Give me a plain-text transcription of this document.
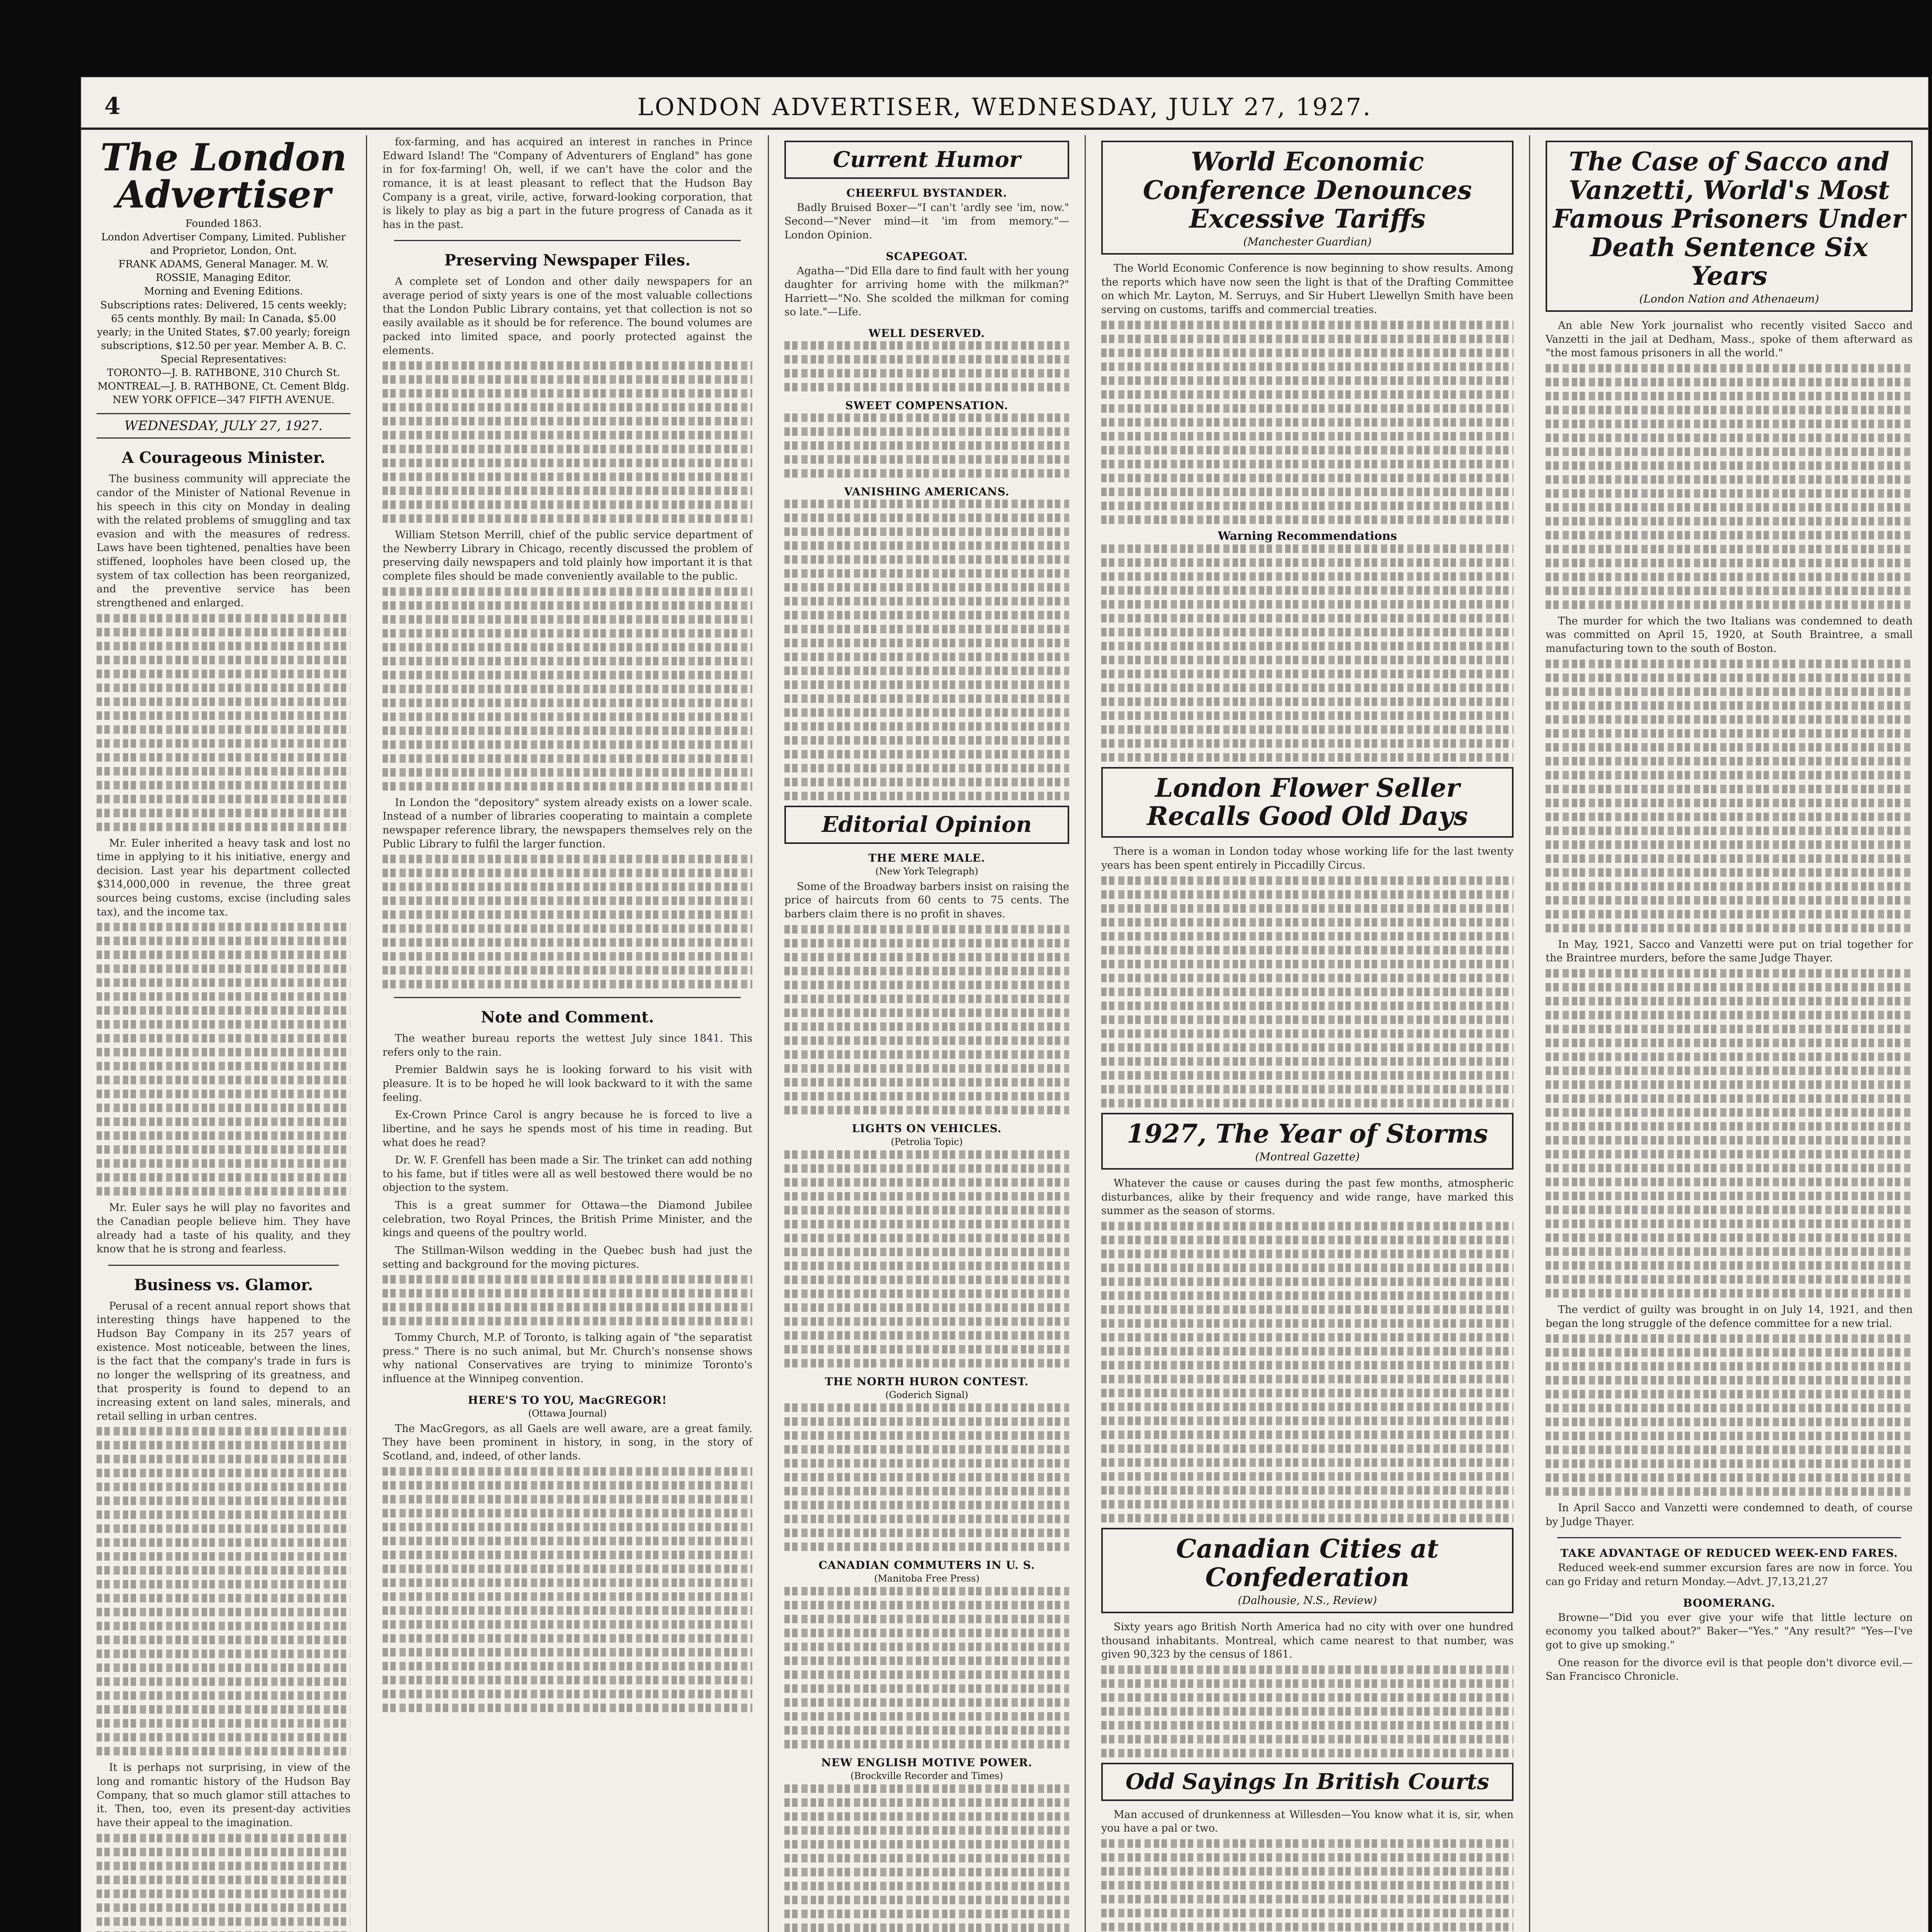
4	LONDON ADVERTISER, WEDNESDAY, JULY 27, 1927.
The London Advertiser
Founded 1863.
London Advertiser Company, Limited. Publisher and Proprietor, London, Ont.
FRANK ADAMS, General Manager. M. W. ROSSIE, Managing Editor.
Morning and Evening Editions.
Subscriptions rates: Delivered, 15 cents weekly; 65 cents monthly. By mail: In Canada, $5.00 yearly; in the United States, $7.00 yearly; foreign subscriptions, $12.50 per year. Member A. B. C.
Special Representatives:
TORONTO—J. B. RATHBONE, 310 Church St.
MONTREAL—J. B. RATHBONE, Ct. Cement Bldg.
NEW YORK OFFICE—347 FIFTH AVENUE.
WEDNESDAY, JULY 27, 1927.
A Courageous Minister.

The business community will appreciate the candor of the Minister of National Revenue in his speech in this city on Monday in dealing with the related problems of smuggling and tax evasion and with the measures of redress. Laws have been tightened, penalties have been stiffened, loopholes have been closed up, the system of tax collection has been reorganized, and the preventive service has been strengthened and enlarged.

Mr. Euler inherited a heavy task and lost no time in applying to it his initiative, energy and decision. Last year his department collected $314,000,000 in revenue, the three great sources being customs, excise (including sales tax), and the income tax.

Mr. Euler says he will play no favorites and the Canadian people believe him. They have already had a taste of his quality, and they know that he is strong and fearless.

Business vs. Glamor.

Perusal of a recent annual report shows that interesting things have happened to the Hudson Bay Company in its 257 years of existence. Most noticeable, between the lines, is the fact that the company's trade in furs is no longer the wellspring of its greatness, and that prosperity is found to depend to an increasing extent on land sales, minerals, and retail selling in urban centres.

It is perhaps not surprising, in view of the long and romantic history of the Hudson Bay Company, that so much glamor still attaches to it. Then, too, even its present-day activities have their appeal to the imagination.

fox-farming, and has acquired an interest in ranches in Prince Edward Island! The "Company of Adventurers of England" has gone in for fox-farming! Oh, well, if we can't have the color and the romance, it is at least pleasant to reflect that the Hudson Bay Company is a great, virile, active, forward-looking corporation, that is likely to play as big a part in the future progress of Canada as it has in the past.

Preserving Newspaper Files.

A complete set of London and other daily newspapers for an average period of sixty years is one of the most valuable collections that the London Public Library contains, yet that collection is not so easily available as it should be for reference. The bound volumes are packed into limited space, and poorly protected against the elements.

William Stetson Merrill, chief of the public service department of the Newberry Library in Chicago, recently discussed the problem of preserving daily newspapers and told plainly how important it is that complete files should be made conveniently available to the public.

In London the "depository" system already exists on a lower scale. Instead of a number of libraries cooperating to maintain a complete newspaper reference library, the newspapers themselves rely on the Public Library to fulfil the larger function.

Note and Comment.

The weather bureau reports the wettest July since 1841. This refers only to the rain.

Premier Baldwin says he is looking forward to his visit with pleasure. It is to be hoped he will look backward to it with the same feeling.

Ex-Crown Prince Carol is angry because he is forced to live a libertine, and he says he spends most of his time in reading. But what does he read?

Dr. W. F. Grenfell has been made a Sir. The trinket can add nothing to his fame, but if titles were all as well bestowed there would be no objection to the system.

This is a great summer for Ottawa—the Diamond Jubilee celebration, two Royal Princes, the British Prime Minister, and the kings and queens of the poultry world.

The Stillman-Wilson wedding in the Quebec bush had just the setting and background for the moving pictures.

Tommy Church, M.P. of Toronto, is talking again of "the separatist press." There is no such animal, but Mr. Church's nonsense shows why national Conservatives are trying to minimize Toronto's influence at the Winnipeg convention.

HERE'S TO YOU, MacGREGOR!
(Ottawa Journal)

The MacGregors, as all Gaels are well aware, are a great family. They have been prominent in history, in song, in the story of Scotland, and, indeed, of other lands.

Current Humor
CHEERFUL BYSTANDER.

Badly Bruised Boxer—"I can't 'ardly see 'im, now." Second—"Never mind—it 'im from memory."—London Opinion.

SCAPEGOAT.

Agatha—"Did Ella dare to find fault with her young daughter for arriving home with the milkman?" Harriett—"No. She scolded the milkman for coming so late."—Life.

WELL DESERVED.
SWEET COMPENSATION.
VANISHING AMERICANS.
Editorial Opinion
THE MERE MALE.
(New York Telegraph)

Some of the Broadway barbers insist on raising the price of haircuts from 60 cents to 75 cents. The barbers claim there is no profit in shaves.

LIGHTS ON VEHICLES.
(Petrolia Topic)
THE NORTH HURON CONTEST.
(Goderich Signal)
CANADIAN COMMUTERS IN U. S.
(Manitoba Free Press)
NEW ENGLISH MOTIVE POWER.
(Brockville Recorder and Times)
World Economic Conference Denounces Excessive Tariffs
(Manchester Guardian)

The World Economic Conference is now beginning to show results. Among the reports which have now seen the light is that of the Drafting Committee on which Mr. Layton, M. Serruys, and Sir Hubert Llewellyn Smith have been serving on customs, tariffs and commercial treaties.

Warning Recommendations
London Flower Seller Recalls Good Old Days

There is a woman in London today whose working life for the last twenty years has been spent entirely in Piccadilly Circus.

1927, The Year of Storms
(Montreal Gazette)

Whatever the cause or causes during the past few months, atmospheric disturbances, alike by their frequency and wide range, have marked this summer as the season of storms.

Canadian Cities at Confederation
(Dalhousie, N.S., Review)

Sixty years ago British North America had no city with over one hundred thousand inhabitants. Montreal, which came nearest to that number, was given 90,323 by the census of 1861.

Odd Sayings In British Courts

Man accused of drunkenness at Willesden—You know what it is, sir, when you have a pal or two.

The Case of Sacco and Vanzetti, World's Most Famous Prisoners Under Death Sentence Six Years
(London Nation and Athenaeum)

An able New York journalist who recently visited Sacco and Vanzetti in the jail at Dedham, Mass., spoke of them afterward as "the most famous prisoners in all the world."

The murder for which the two Italians was condemned to death was committed on April 15, 1920, at South Braintree, a small manufacturing town to the south of Boston.

In May, 1921, Sacco and Vanzetti were put on trial together for the Braintree murders, before the same Judge Thayer.

The verdict of guilty was brought in on July 14, 1921, and then began the long struggle of the defence committee for a new trial.

In April Sacco and Vanzetti were condemned to death, of course by Judge Thayer.

TAKE ADVANTAGE OF REDUCED WEEK-END FARES.

Reduced week-end summer excursion fares are now in force. You can go Friday and return Monday.—Advt. J7,13,21,27

BOOMERANG.

Browne—"Did you ever give your wife that little lecture on economy you talked about?" Baker—"Yes." "Any result?" "Yes—I've got to give up smoking."

One reason for the divorce evil is that people don't divorce evil.—San Francisco Chronicle.
